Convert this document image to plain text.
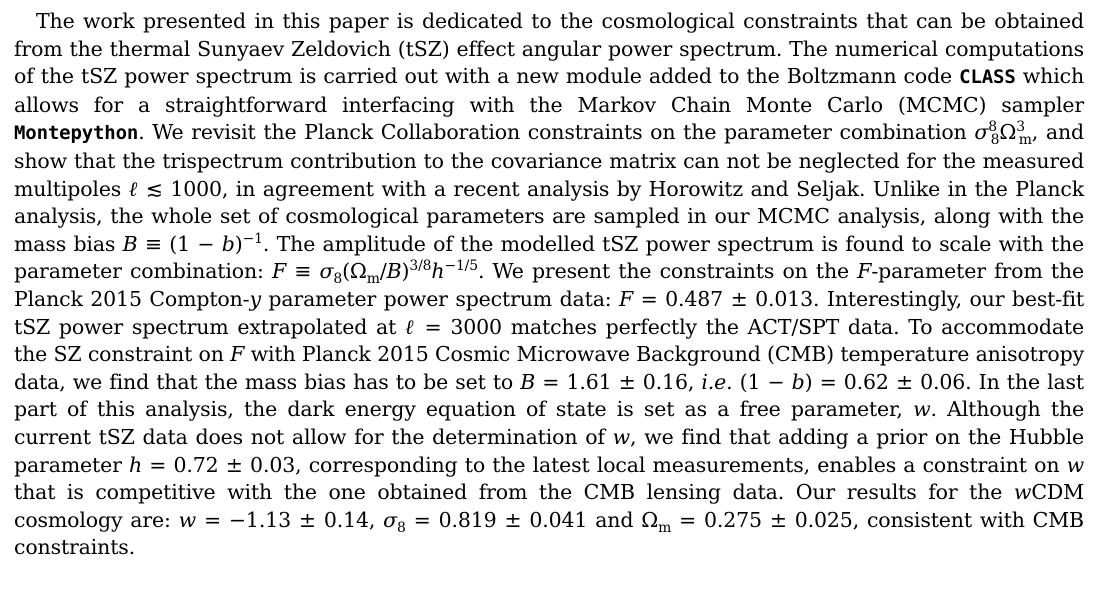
The work presented in this paper is dedicated to the cosmological constraints that can be obtained from the thermal Sunyaev Zeldovich (tSZ) effect angular power spectrum. The numerical computations of the tSZ power spectrum is carried out with a new module added to the Boltzmann code CLASS which allows for a straightforward interfacing with the Markov Chain Monte Carlo (MCMC) sampler Montepython. We revisit the Planck Collaboration constraints on the parameter combination $\sigma^8_8\Omega^3_m$, and show that the trispectrum contribution to the covariance matrix can not be neglected for the measured multipoles ℓ ≲ 1000, in agreement with a recent analysis by Horowitz and Seljak. Unlike in the Planck analysis, the whole set of cosmological parameters are sampled in our MCMC analysis, along with the mass bias $B \equiv (1 - b)^{-1}$. The amplitude of the modelled tSZ power spectrum is found to scale with the parameter combination: $F \equiv \sigma_8(\Omega_m/B)^{3/8}h^{-1/5}$. We present the constraints on the F-parameter from the Planck 2015 Compton-y parameter power spectrum data: F = 0.487 ± 0.013. Interestingly, our best-fit tSZ power spectrum extrapolated at ℓ = 3000 matches perfectly the ACT/SPT data. To accommodate the SZ constraint on F with Planck 2015 Cosmic Microwave Background (CMB) temperature anisotropy data, we find that the mass bias has to be set to B = 1.61 ± 0.16, i.e. (1 − b) = 0.62 ± 0.06. In the last part of this analysis, the dark energy equation of state is set as a free parameter, w. Although the current tSZ data does not allow for the determination of w, we find that adding a prior on the Hubble parameter h = 0.72 ± 0.03, corresponding to the latest local measurements, enables a constraint on w that is competitive with the one obtained from the CMB lensing data. Our results for the wCDM cosmology are: w = −1.13 ± 0.14, $\sigma_8 = 0.819 \pm 0.041$ and $\Omega_m = 0.275 \pm 0.025$, consistent with CMB constraints.
